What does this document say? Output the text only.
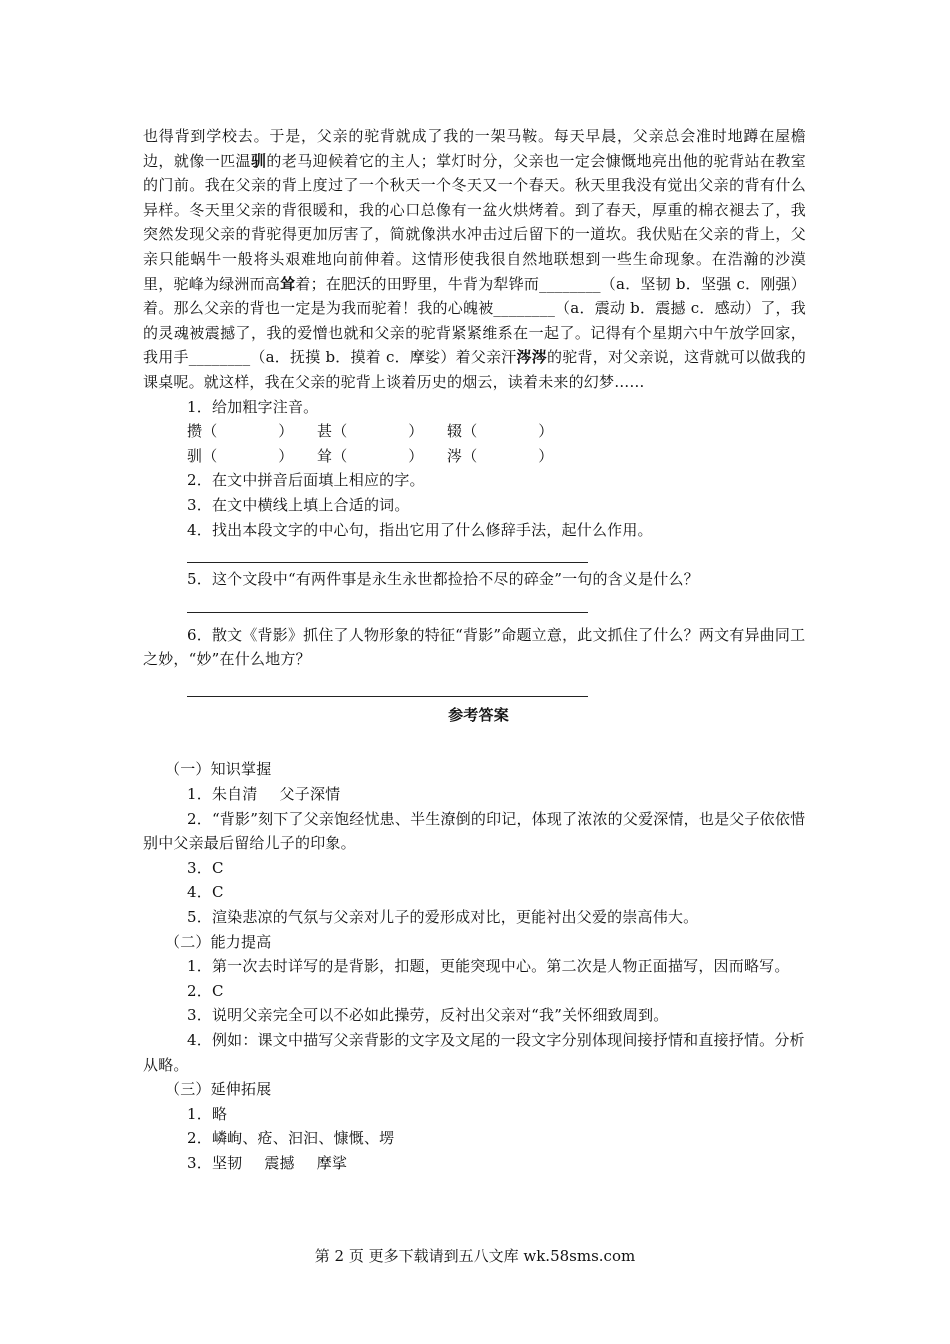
也得背到学校去。于是，父亲的驼背就成了我的一架马鞍。每天早晨，父亲总会准时地蹲在屋檐边，就像一匹温驯的老马迎候着它的主人；掌灯时分，父亲也一定会慷慨地亮出他的驼背站在教室的门前。我在父亲的背上度过了一个秋天一个冬天又一个春天。秋天里我没有觉出父亲的背有什么异样。冬天里父亲的背很暖和，我的心口总像有一盆火烘烤着。到了春天，厚重的棉衣褪去了，我突然发现父亲的背驼得更加厉害了，简就像洪水冲击过后留下的一道坎。我伏贴在父亲的背上，父亲只能蜗牛一般将头艰难地向前伸着。这情形使我很自然地联想到一些生命现象。在浩瀚的沙漠里，驼峰为绿洲而高耸着；在肥沃的田野里，牛背为犁铧而________（a．坚韧 b．坚强 c．刚强）着。那么父亲的背也一定是为我而驼着！我的心魄被________（a．震动 b．震撼 c．感动）了，我的灵魂被震撼了，我的爱憎也就和父亲的驼背紧紧维系在一起了。记得有个星期六中午放学回家，我用手________（a．抚摸 b．摸着 c．摩娑）着父亲汗涔涔的驼背，对父亲说，这背就可以做我的课桌呢。就这样，我在父亲的驼背上谈着历史的烟云，读着未来的幻梦……

1．给加粗字注音。

攒（　　　　） 甚（　　　　） 辍（　　　　）

驯（　　　　） 耸（　　　　） 涔（　　　　）

2．在文中拼音后面填上相应的字。

3．在文中横线上填上合适的词。

4．找出本段文字的中心句，指出它用了什么修辞手法，起什么作用。

5．这个文段中“有两件事是永生永世都捡拾不尽的碎金”一句的含义是什么？

6．散文《背影》抓住了人物形象的特征“背影”命题立意，此文抓住了什么？两文有异曲同工之妙，“妙”在什么地方？

参考答案

（一）知识掌握

1．朱自清 父子深情

2．“背影”刻下了父亲饱经忧患、半生潦倒的印记，体现了浓浓的父爱深情，也是父子依依惜别中父亲最后留给儿子的印象。

3．C

4．C

5．渲染悲凉的气氛与父亲对儿子的爱形成对比，更能衬出父爱的崇高伟大。

（二）能力提高

1．第一次去时详写的是背影，扣题，更能突现中心。第二次是人物正面描写，因而略写。

2．C

3．说明父亲完全可以不必如此操劳，反衬出父亲对“我”关怀细致周到。

4．例如：课文中描写父亲背影的文字及文尾的一段文字分别体现间接抒情和直接抒情。分析从略。

（三）延伸拓展

1．略

2．嶙峋、疮、汩汩、慷慨、塄

3．坚韧 震撼 摩挲

第 2 页 更多下载请到五八文库 wk.58sms.com
